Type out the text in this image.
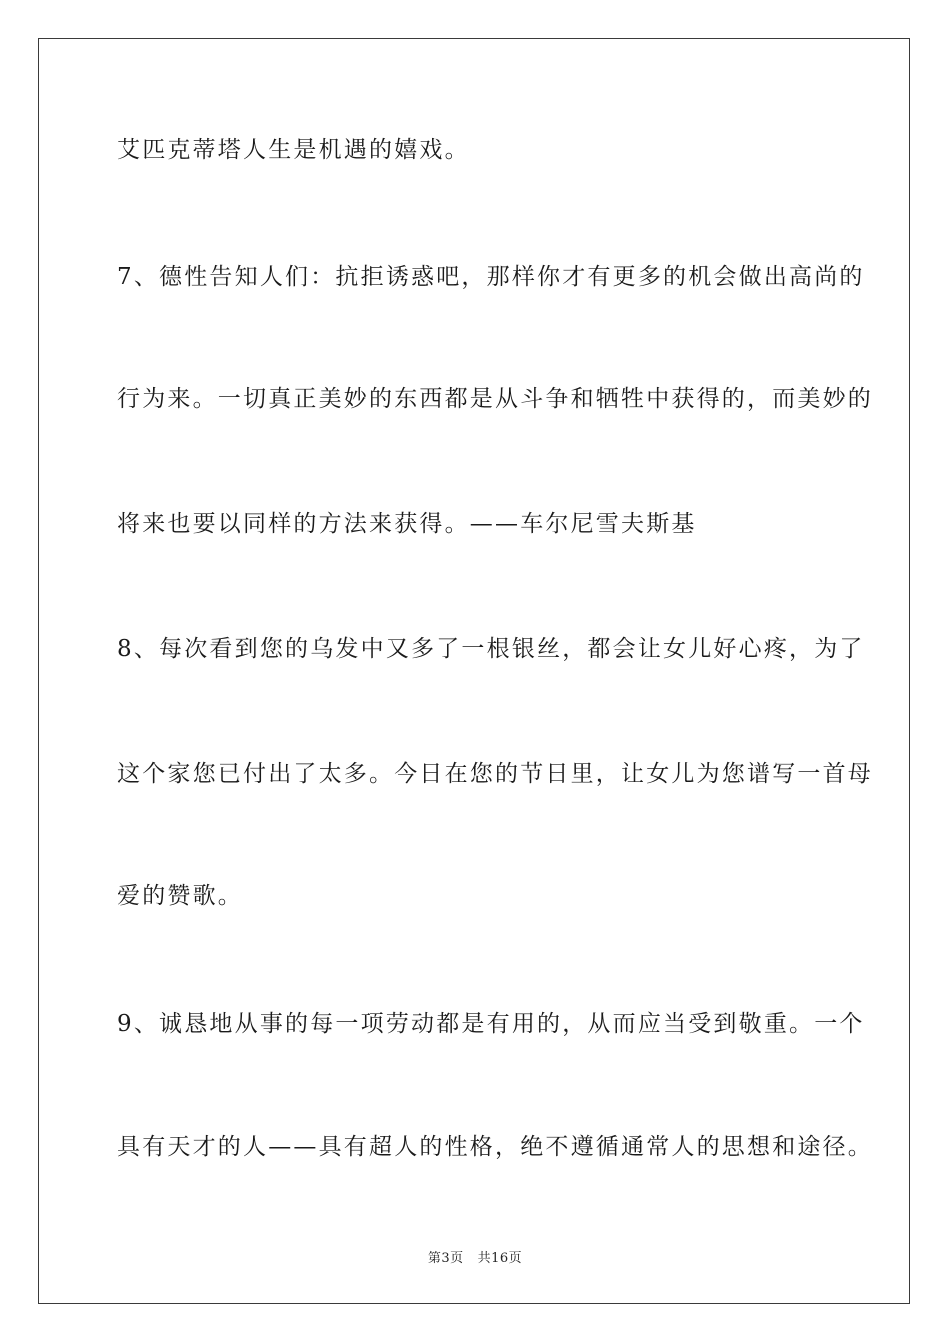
艾匹克蒂塔人生是机遇的嬉戏。
7、德性告知人们：抗拒诱惑吧，那样你才有更多的机会做出高尚的
行为来。一切真正美妙的东西都是从斗争和牺牲中获得的，而美妙的
将来也要以同样的方法来获得。——车尔尼雪夫斯基
8、每次看到您的乌发中又多了一根银丝，都会让女儿好心疼，为了
这个家您已付出了太多。今日在您的节日里，让女儿为您谱写一首母
爱的赞歌。
9、诚恳地从事的每一项劳动都是有用的，从而应当受到敬重。一个
具有天才的人——具有超人的性格，绝不遵循通常人的思想和途径。
第3页 共16页
